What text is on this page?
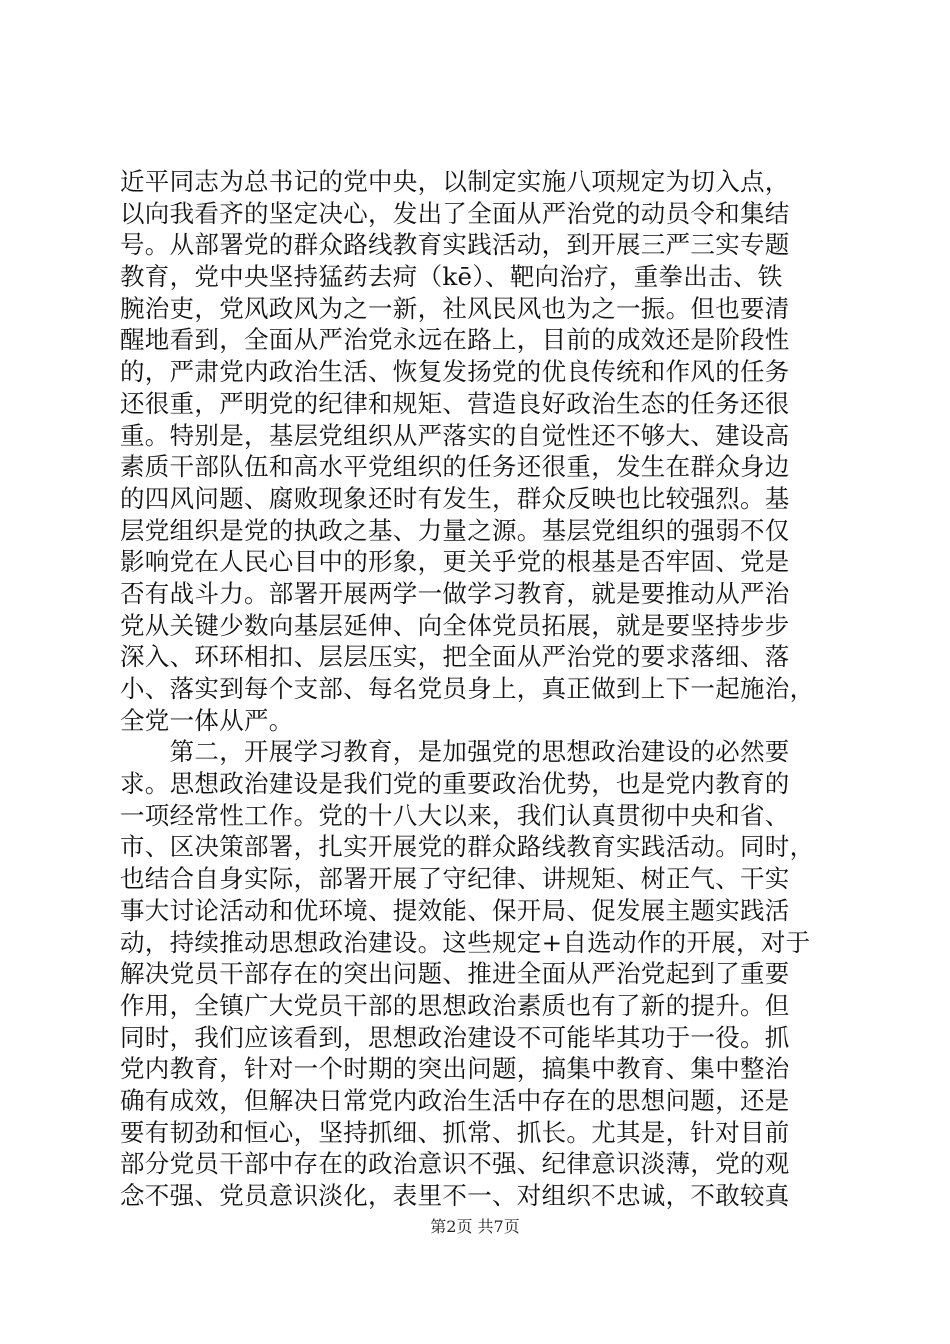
近平同志为总书记的党中央，以制定实施八项规定为切入点，
以向我看齐的坚定决心，发出了全面从严治党的动员令和集结
号。从部署党的群众路线教育实践活动，到开展三严三实专题
教育，党中央坚持猛药去疴（kē）、靶向治疗，重拳出击、铁
腕治吏，党风政风为之一新，社风民风也为之一振。但也要清
醒地看到，全面从严治党永远在路上，目前的成效还是阶段性
的，严肃党内政治生活、恢复发扬党的优良传统和作风的任务
还很重，严明党的纪律和规矩、营造良好政治生态的任务还很
重。特别是，基层党组织从严落实的自觉性还不够大、建设高
素质干部队伍和高水平党组织的任务还很重，发生在群众身边
的四风问题、腐败现象还时有发生，群众反映也比较强烈。基
层党组织是党的执政之基、力量之源。基层党组织的强弱不仅
影响党在人民心目中的形象，更关乎党的根基是否牢固、党是
否有战斗力。部署开展两学一做学习教育，就是要推动从严治
党从关键少数向基层延伸、向全体党员拓展，就是要坚持步步
深入、环环相扣、层层压实，把全面从严治党的要求落细、落
小、落实到每个支部、每名党员身上，真正做到上下一起施治，
全党一体从严。
　　第二，开展学习教育，是加强党的思想政治建设的必然要
求。思想政治建设是我们党的重要政治优势，也是党内教育的
一项经常性工作。党的十八大以来，我们认真贯彻中央和省、
市、区决策部署，扎实开展党的群众路线教育实践活动。同时，
也结合自身实际，部署开展了守纪律、讲规矩、树正气、干实
事大讨论活动和优环境、提效能、保开局、促发展主题实践活
动，持续推动思想政治建设。这些规定+自选动作的开展，对于
解决党员干部存在的突出问题、推进全面从严治党起到了重要
作用，全镇广大党员干部的思想政治素质也有了新的提升。但
同时，我们应该看到，思想政治建设不可能毕其功于一役。抓
党内教育，针对一个时期的突出问题，搞集中教育、集中整治
确有成效，但解决日常党内政治生活中存在的思想问题，还是
要有韧劲和恒心，坚持抓细、抓常、抓长。尤其是，针对目前
部分党员干部中存在的政治意识不强、纪律意识淡薄，党的观
念不强、党员意识淡化，表里不一、对组织不忠诚，不敢较真
第2页 共7页
